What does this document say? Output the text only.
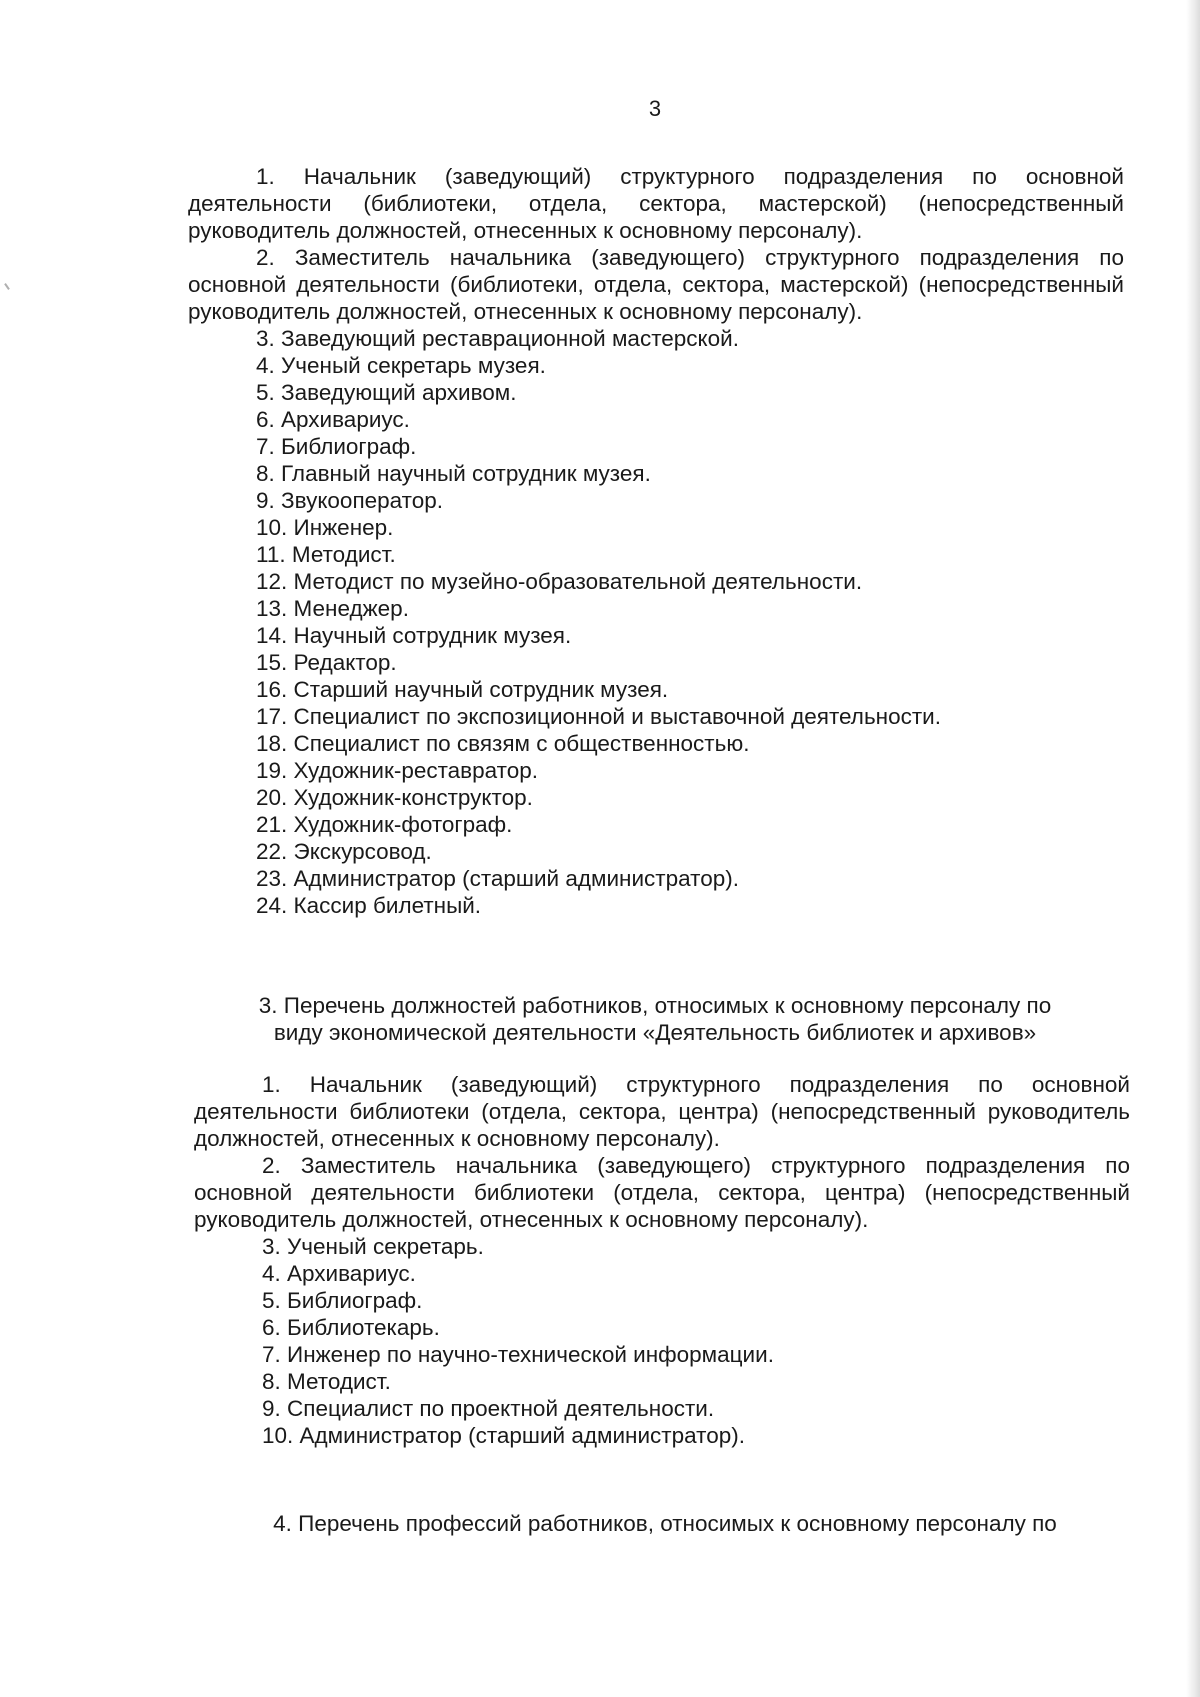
3

1. Начальник (заведующий) структурного подразделения по основной деятельности (библиотеки, отдела, сектора, мастерской) (непосредственный руководитель должностей, отнесенных к основному персоналу).

2. Заместитель начальника (заведующего) структурного подразделения по основной деятельности (библиотеки, отдела, сектора, мастерской) (непосредственный руководитель должностей, отнесенных к основному персоналу).

3. Заведующий реставрационной мастерской.

4. Ученый секретарь музея.

5. Заведующий архивом.

6. Архивариус.

7. Библиограф.

8. Главный научный сотрудник музея.

9. Звукооператор.

10. Инженер.

11. Методист.

12. Методист по музейно-образовательной деятельности.

13. Менеджер.

14. Научный сотрудник музея.

15. Редактор.

16. Старший научный сотрудник музея.

17. Специалист по экспозиционной и выставочной деятельности.

18. Специалист по связям с общественностью.

19. Художник-реставратор.

20. Художник-конструктор.

21. Художник-фотограф.

22. Экскурсовод.

23. Администратор (старший администратор).

24. Кассир билетный.

3. Перечень должностей работников, относимых к основному персоналу по
виду экономической деятельности «Деятельность библиотек и архивов»

1. Начальник (заведующий) структурного подразделения по основной деятельности библиотеки (отдела, сектора, центра) (непосредственный руководитель должностей, отнесенных к основному персоналу).

2. Заместитель начальника (заведующего) структурного подразделения по основной деятельности библиотеки (отдела, сектора, центра) (непосредственный руководитель должностей, отнесенных к основному персоналу).

3. Ученый секретарь.

4. Архивариус.

5. Библиограф.

6. Библиотекарь.

7. Инженер по научно-технической информации.

8. Методист.

9. Специалист по проектной деятельности.

10. Администратор (старший администратор).

4. Перечень профессий работников, относимых к основному персоналу по
